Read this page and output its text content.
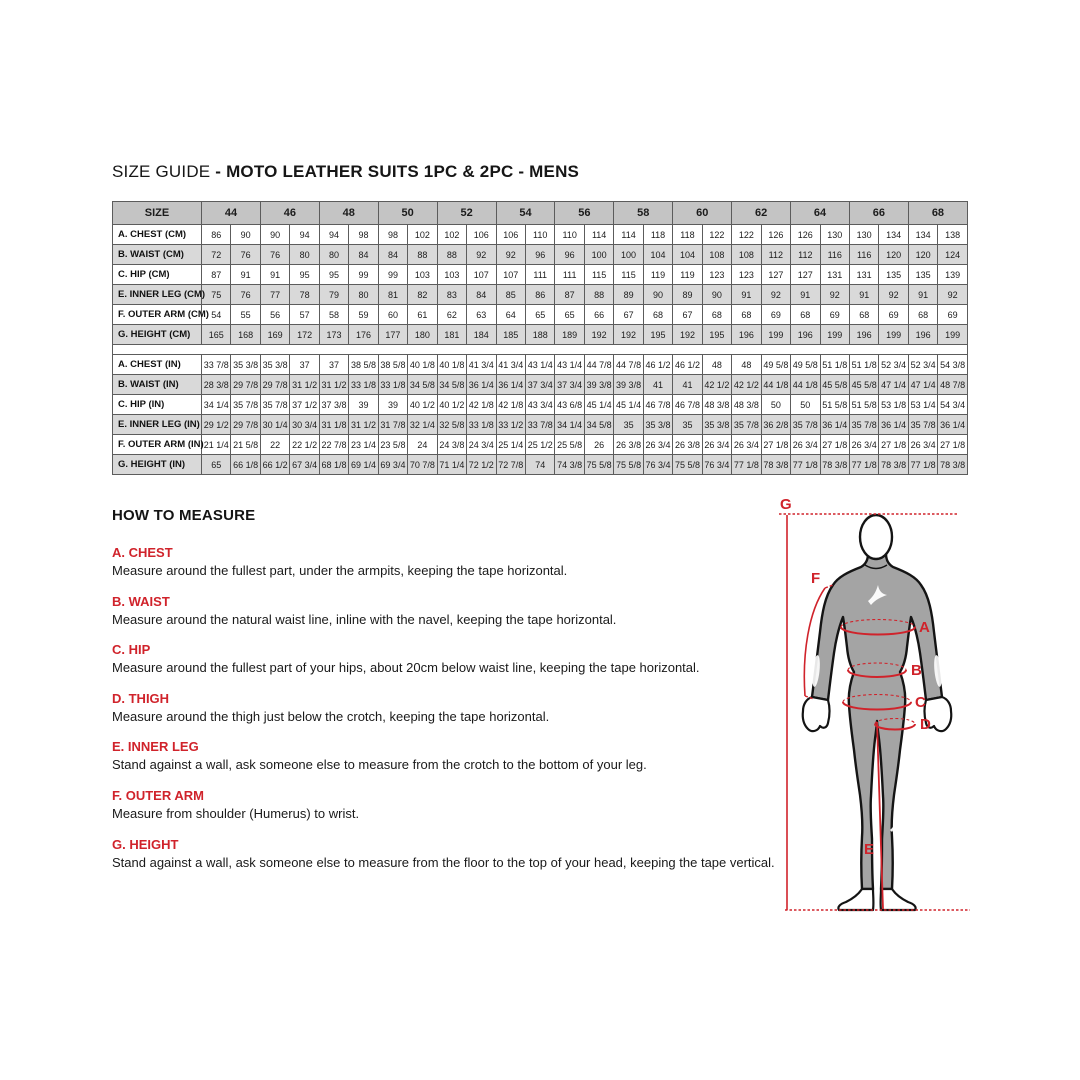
SIZE GUIDE - MOTO LEATHER SUITS 1PC & 2PC - MENS
SIZE	44		46		48		50		52		54		56		58		60		62		64		66		68	
A. CHEST (CM)	86	90	90	94	94	98	98	102	102	106	106	110	110	114	114	118	118	122	122	126	126	130	130	134	134	138
B. WAIST (CM)	72	76	76	80	80	84	84	88	88	92	92	96	96	100	100	104	104	108	108	112	112	116	116	120	120	124
C. HIP (CM)	87	91	91	95	95	99	99	103	103	107	107	111	111	115	115	119	119	123	123	127	127	131	131	135	135	139
E. INNER LEG (CM)	75	76	77	78	79	80	81	82	83	84	85	86	87	88	89	90	89	90	91	92	91	92	91	92	91	92
F. OUTER ARM (CM)	54	55	56	57	58	59	60	61	62	63	64	65	65	66	67	68	67	68	68	69	68	69	68	69	68	69
G. HEIGHT (CM)	165	168	169	172	173	176	177	180	181	184	185	188	189	192	192	195	192	195	196	199	196	199	196	199	196	199

A. CHEST (IN)	33 7/8	35 3/8	35 3/8	37	37	38 5/8	38 5/8	40 1/8	40 1/8	41 3/4	41 3/4	43 1/4	43 1/4	44 7/8	44 7/8	46 1/2	46 1/2	48	48	49 5/8	49 5/8	51 1/8	51 1/8	52 3/4	52 3/4	54 3/8
B. WAIST (IN)	28 3/8	29 7/8	29 7/8	31 1/2	31 1/2	33 1/8	33 1/8	34 5/8	34 5/8	36 1/4	36 1/4	37 3/4	37 3/4	39 3/8	39 3/8	41	41	42 1/2	42 1/2	44 1/8	44 1/8	45 5/8	45 5/8	47 1/4	47 1/4	48 7/8
C. HIP (IN)	34 1/4	35 7/8	35 7/8	37 1/2	37 3/8	39	39	40 1/2	40 1/2	42 1/8	42 1/8	43 3/4	43 6/8	45 1/4	45 1/4	46 7/8	46 7/8	48 3/8	48 3/8	50	50	51 5/8	51 5/8	53 1/8	53 1/4	54 3/4
E. INNER LEG (IN)	29 1/2	29 7/8	30 1/4	30 3/4	31 1/8	31 1/2	31 7/8	32 1/4	32 5/8	33 1/8	33 1/2	33 7/8	34 1/4	34 5/8	35	35 3/8	35	35 3/8	35 7/8	36 2/8	35 7/8	36 1/4	35 7/8	36 1/4	35 7/8	36 1/4
F. OUTER ARM (IN)	21 1/4	21 5/8	22	22 1/2	22 7/8	23 1/4	23 5/8	24	24 3/8	24 3/4	25 1/4	25 1/2	25 5/8	26	26 3/8	26 3/4	26 3/8	26 3/4	26 3/4	27 1/8	26 3/4	27 1/8	26 3/4	27 1/8	26 3/4	27 1/8
G. HEIGHT (IN)	65	66 1/8	66 1/2	67 3/4	68 1/8	69 1/4	69 3/4	70 7/8	71 1/4	72 1/2	72 7/8	74	74 3/8	75 5/8	75 5/8	76 3/4	75 5/8	76 3/4	77 1/8	78 3/8	77 1/8	78 3/8	77 1/8	78 3/8	77 1/8	78 3/8
HOW TO MEASURE

A. CHEST

Measure around the fullest part, under the armpits, keeping the tape horizontal.

B. WAIST

Measure around the natural waist line, inline with the navel, keeping the tape horizontal.

C. HIP

Measure around the fullest part of your hips, about 20cm below waist line, keeping the tape horizontal.

D. THIGH

Measure around the thigh just below the crotch, keeping the tape horizontal.

E. INNER LEG

Stand against a wall, ask someone else to measure from the crotch to the bottom of your leg.

F. OUTER ARM

Measure from shoulder (Humerus) to wrist.

G. HEIGHT

Stand against a wall, ask someone else to measure from the floor to the top of your head, keeping the tape vertical.

G
F
A
B
C
D
E
